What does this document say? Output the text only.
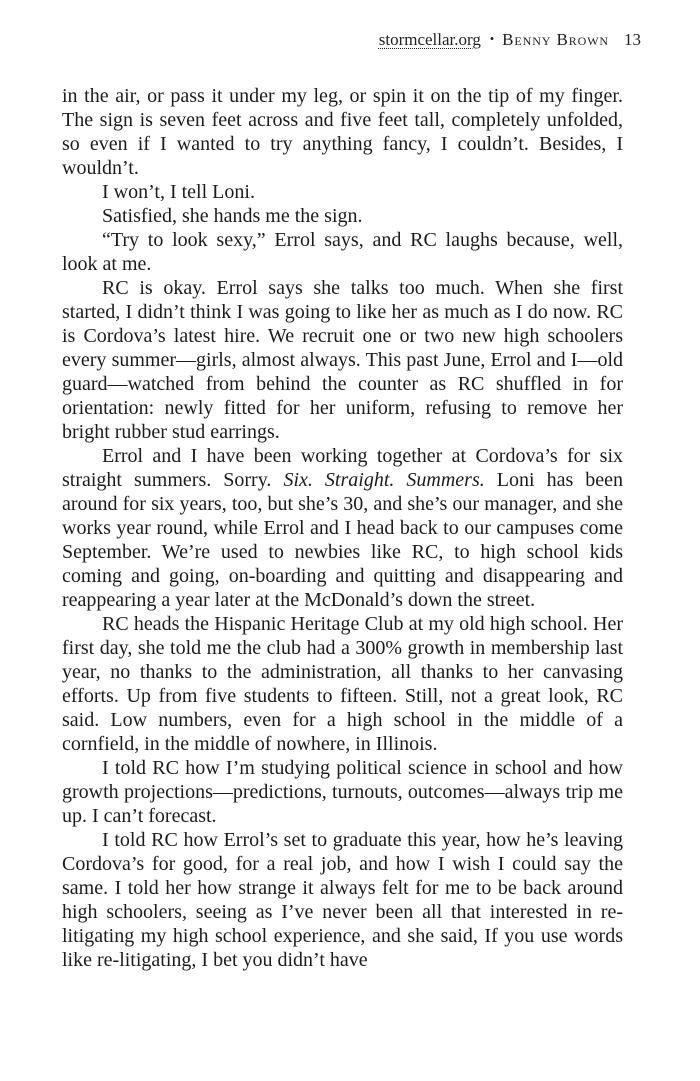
stormcellar.org • Benny Brown 13

in the air, or pass it under my leg, or spin it on the tip of my finger. The sign is seven feet across and five feet tall, completely unfolded, so even if I wanted to try anything fancy, I couldn’t. Besides, I wouldn’t.

I won’t, I tell Loni.

Satisfied, she hands me the sign.

“Try to look sexy,” Errol says, and RC laughs because, well, look at me.

RC is okay. Errol says she talks too much. When she first started, I didn’t think I was going to like her as much as I do now. RC is Cordova’s latest hire. We recruit one or two new high schoolers every summer—girls, almost always. This past June, Errol and I—old guard—watched from behind the counter as RC shuffled in for orientation: newly fitted for her uniform, refusing to remove her bright rubber stud earrings.

Errol and I have been working together at Cordova’s for six straight summers. Sorry. Six. Straight. Summers. Loni has been around for six years, too, but she’s 30, and she’s our manager, and she works year round, while Errol and I head back to our campuses come September. We’re used to newbies like RC, to high school kids coming and going, on-boarding and quitting and disappearing and reappearing a year later at the McDonald’s down the street.

RC heads the Hispanic Heritage Club at my old high school. Her first day, she told me the club had a 300% growth in membership last year, no thanks to the administration, all thanks to her canvasing efforts. Up from five students to fifteen. Still, not a great look, RC said. Low numbers, even for a high school in the middle of a cornfield, in the middle of nowhere, in Illinois.

I told RC how I’m studying political science in school and how growth projections—predictions, turnouts, outcomes—always trip me up. I can’t forecast.

I told RC how Errol’s set to graduate this year, how he’s leaving Cordova’s for good, for a real job, and how I wish I could say the same. I told her how strange it always felt for me to be back around high schoolers, seeing as I’ve never been all that interested in re-litigating my high school experience, and she said, If you use words like re-litigating, I bet you didn’t have
